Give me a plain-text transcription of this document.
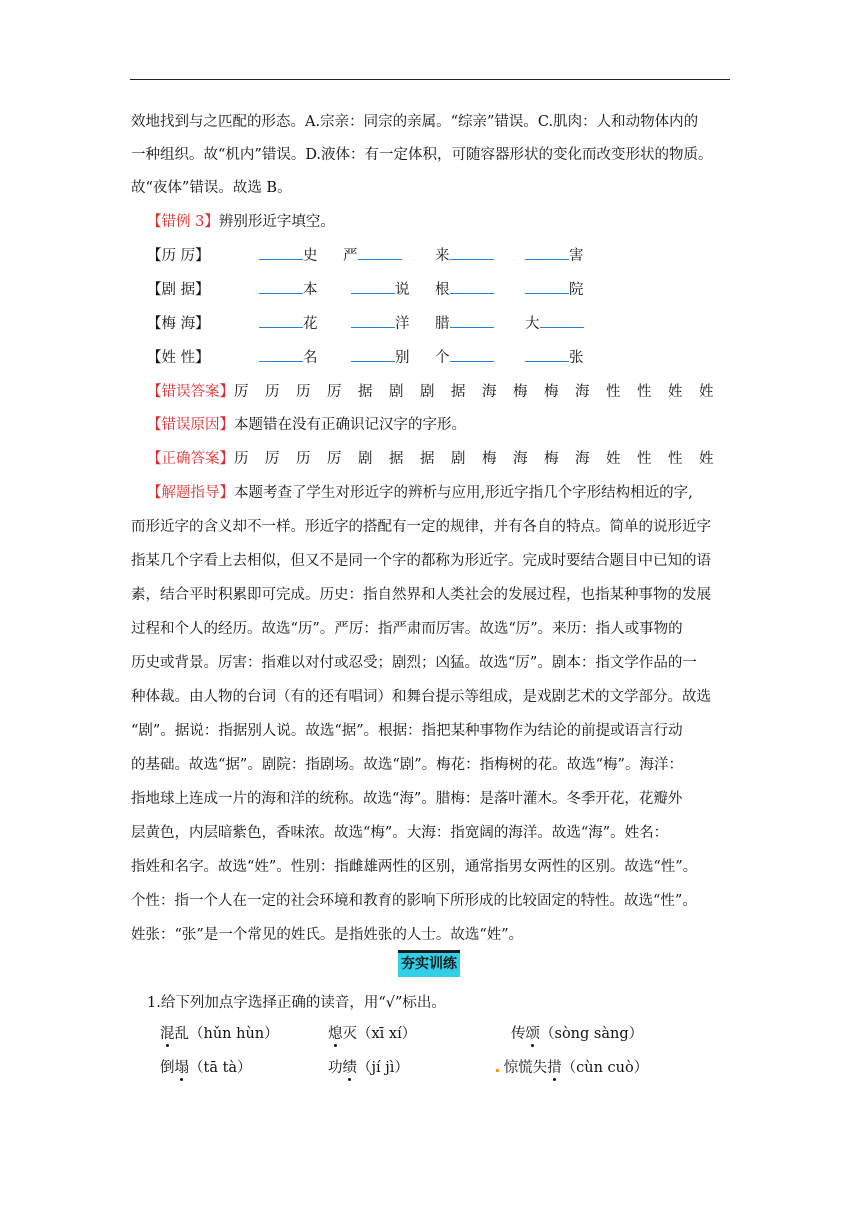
效地找到与之匹配的形态。A.宗亲：同宗的亲属。“综亲”错误。C.肌肉：人和动物体内的
一种组织。故“机内”错误。D.液体：有一定体积，可随容器形状的变化而改变形状的物质。
故“夜体”错误。故选 B。
【错例 3】辨别形近字填空。
【历 厉】	史 严	来	害
【剧 据】	本	说 根	院
【梅 海】	花	洋 腊	大
【姓 性】	名	别 个	张
【错误答案】厉 历 历 厉 据 剧 剧 据 海 梅 梅 海 性 性 姓 姓
【错误原因】本题错在没有正确识记汉字的字形。
【正确答案】历 厉 历 厉 剧 据 据 剧 梅 海 梅 海 姓 性 性 姓
【解题指导】本题考查了学生对形近字的辨析与应用,形近字指几个字形结构相近的字,
而形近字的含义却不一样。形近字的搭配有一定的规律，并有各自的特点。简单的说形近字
指某几个字看上去相似，但又不是同一个字的都称为形近字。完成时要结合题目中已知的语
素，结合平时积累即可完成。历史：指自然界和人类社会的发展过程，也指某种事物的发展
过程和个人的经历。故选“历”。严厉：指严肃而厉害。故选“厉”。来历：指人或事物的
历史或背景。厉害：指难以对付或忍受；剧烈；凶猛。故选“厉”。剧本：指文学作品的一
种体裁。由人物的台词（有的还有唱词）和舞台提示等组成，是戏剧艺术的文学部分。故选
“剧”。据说：指据别人说。故选“据”。根据：指把某种事物作为结论的前提或语言行动
的基础。故选“据”。剧院：指剧场。故选“剧”。梅花：指梅树的花。故选“梅”。海洋：
指地球上连成一片的海和洋的统称。故选“海”。腊梅：是落叶灌木。冬季开花，花瓣外
层黄色，内层暗紫色，香味浓。故选“梅”。大海：指宽阔的海洋。故选“海”。姓名：
指姓和名字。故选“姓”。性别：指雌雄两性的区别，通常指男女两性的区别。故选“性”。
个性：指一个人在一定的社会环境和教育的影响下所形成的比较固定的特性。故选“性”。
姓张：“张”是一个常见的姓氏。是指姓张的人士。故选“姓”。
夯实训练
1.给下列加点字选择正确的读音，用“√”标出。
混乱（hǔn hùn）	熄灭（xī xí）	传颂（sòng sàng）
倒塌（tā tà）	功绩（jí jì）	惊慌失措（cùn cuò）
